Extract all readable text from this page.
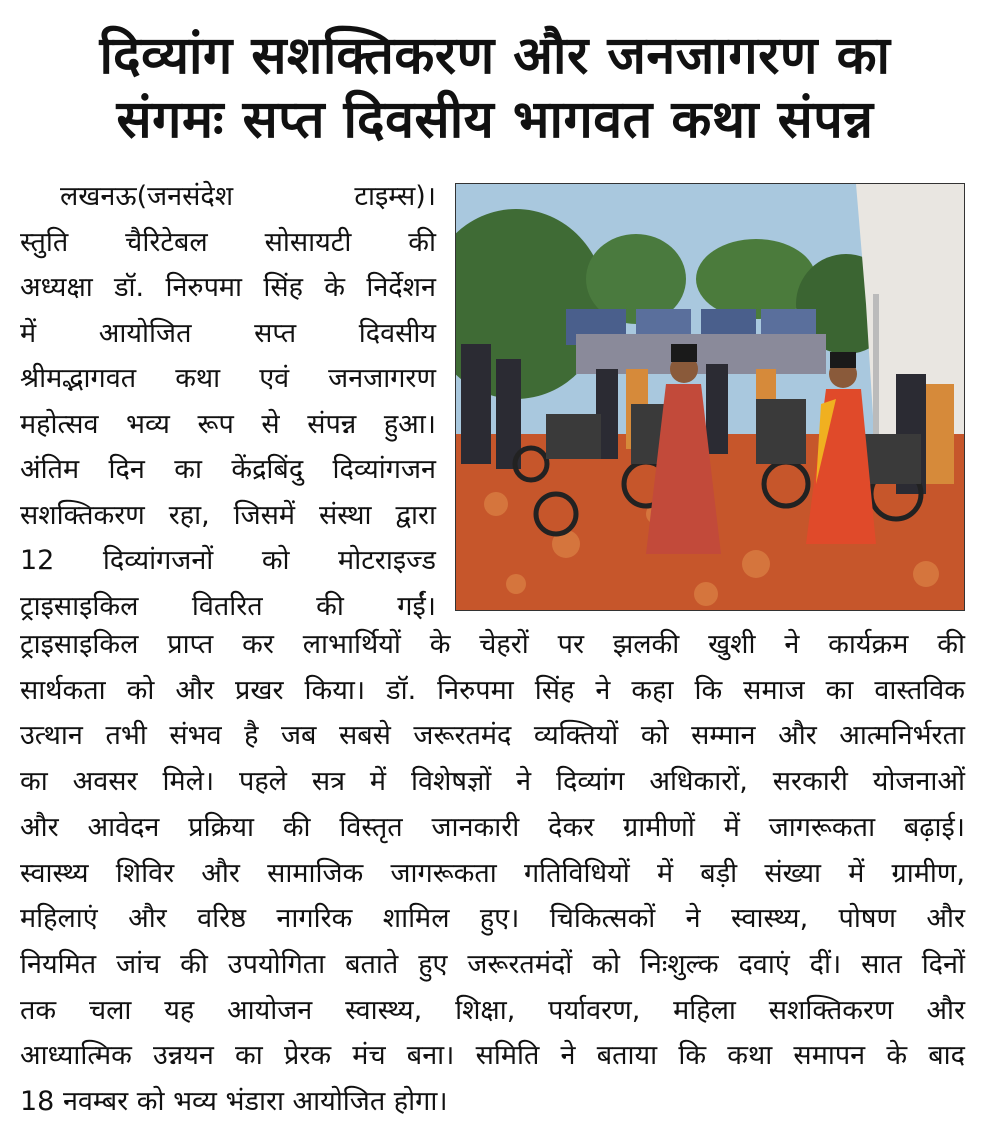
दिव्यांग सशक्तिकरण और जनजागरण का
संगमः सप्त दिवसीय भागवत कथा संपन्न
लखनऊ(जनसंदेश टाइम्स)।
स्तुति चैरिटेबल सोसायटी की
अध्यक्षा डॉ. निरुपमा सिंह के निर्देशन
में आयोजित सप्त दिवसीय
श्रीमद्भागवत कथा एवं जनजागरण
महोत्सव भव्य रूप से संपन्न हुआ।
अंतिम दिन का केंद्रबिंदु दिव्यांगजन
सशक्तिकरण रहा, जिसमें संस्था द्वारा
12 दिव्यांगजनों को मोटराइज्ड
ट्राइसाइकिल वितरित की गईं।
ट्राइसाइकिल प्राप्त कर लाभार्थियों के चेहरों पर झलकी खुशी ने कार्यक्रम की
सार्थकता को और प्रखर किया। डॉ. निरुपमा सिंह ने कहा कि समाज का वास्तविक
उत्थान तभी संभव है जब सबसे जरूरतमंद व्यक्तियों को सम्मान और आत्मनिर्भरता
का अवसर मिले। पहले सत्र में विशेषज्ञों ने दिव्यांग अधिकारों, सरकारी योजनाओं
और आवेदन प्रक्रिया की विस्तृत जानकारी देकर ग्रामीणों में जागरूकता बढ़ाई।
स्वास्थ्य शिविर और सामाजिक जागरूकता गतिविधियों में बड़ी संख्या में ग्रामीण,
महिलाएं और वरिष्ठ नागरिक शामिल हुए। चिकित्सकों ने स्वास्थ्य, पोषण और
नियमित जांच की उपयोगिता बताते हुए जरूरतमंदों को निःशुल्क दवाएं दीं। सात दिनों
तक चला यह आयोजन स्वास्थ्य, शिक्षा, पर्यावरण, महिला सशक्तिकरण और
आध्यात्मिक उन्नयन का प्रेरक मंच बना। समिति ने बताया कि कथा समापन के बाद
18 नवम्बर को भव्य भंडारा आयोजित होगा।
